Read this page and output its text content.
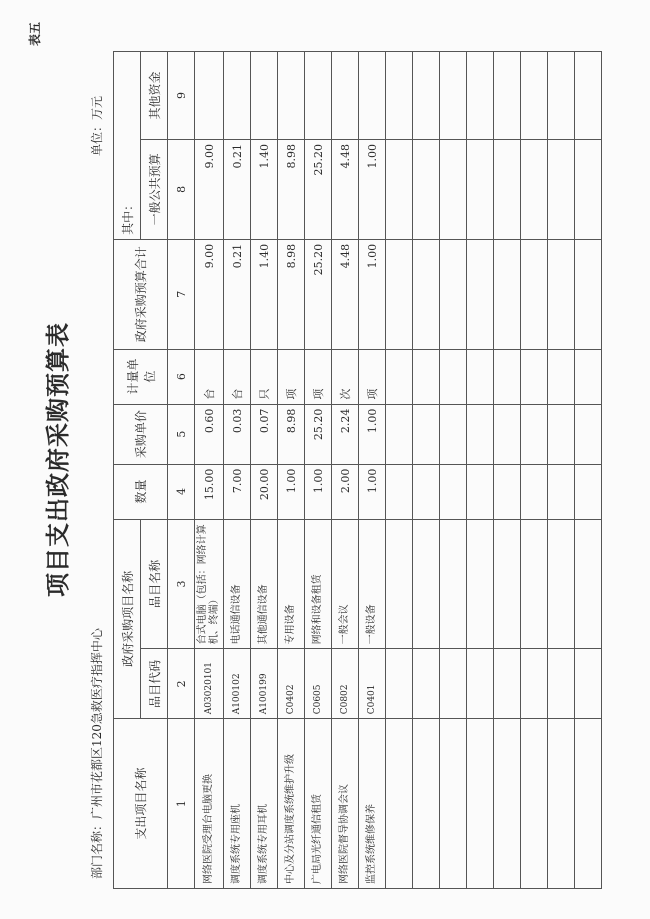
表五
项目支出政府采购预算表
部门名称：广州市花都区120急救医疗指挥中心
单位：万元
支出项目名称	政府采购项目名称		数量	采购单价	计量单位	政府采购预算合计	其中：	
	品目代码	品目名称					一般公共预算	其他资金
1	2	3	4	5	6	7	8	9
网络医院受理台电脑更换	A03020101	台式电脑（包括：网络计算机、终端）	15.00	0.60	台	9.00	9.00	
调度系统专用座机	A100102	电话通信设备	7.00	0.03	台	0.21	0.21	
调度系统专用耳机	A100199	其他通信设备	20.00	0.07	只	1.40	1.40	
中心及分站调度系统维护升级	C0402	专用设备	1.00	8.98	项	8.98	8.98	
广电局光纤通信租赁	C0605	网络和设备租赁	1.00	25.20	项	25.20	25.20	
网络医院督导协调会议	C0802	一般会议	2.00	2.24	次	4.48	4.48	
监控系统维修保养	C0401	一般设备	1.00	1.00	项	1.00	1.00	
